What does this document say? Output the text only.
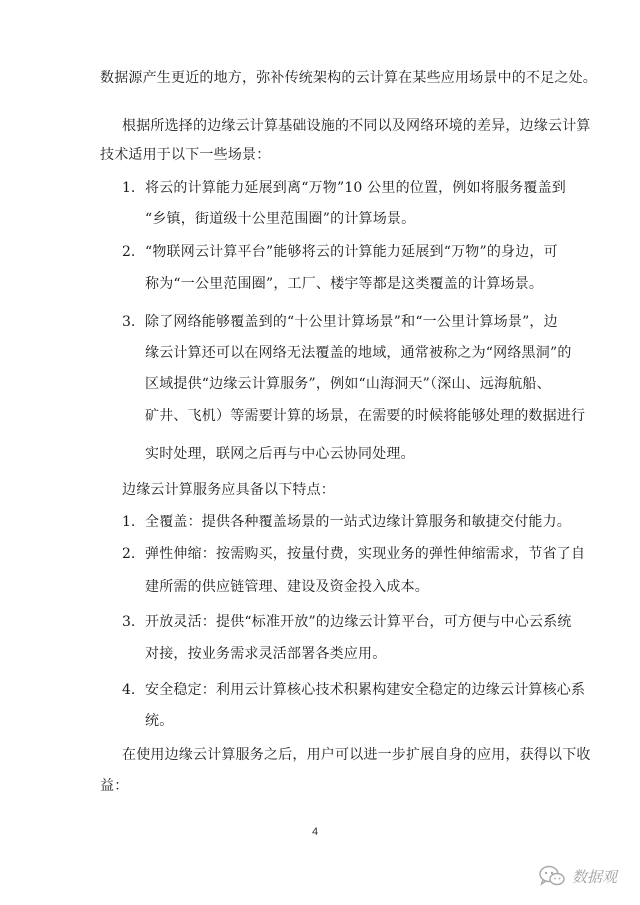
数据源产生更近的地方，弥补传统架构的云计算在某些应用场景中的不足之处。
根据所选择的边缘云计算基础设施的不同以及网络环境的差异，边缘云计算
技术适用于以下一些场景：
1. 将云的计算能力延展到离“万物”10 公里的位置，例如将服务覆盖到
“乡镇，街道级十公里范围圈”的计算场景。
2. “物联网云计算平台”能够将云的计算能力延展到“万物”的身边，可
称为“一公里范围圈”，工厂、楼宇等都是这类覆盖的计算场景。
3. 除了网络能够覆盖到的“十公里计算场景”和“一公里计算场景”，边
缘云计算还可以在网络无法覆盖的地域，通常被称之为“网络黑洞”的
区域提供“边缘云计算服务”，例如“山海洞天”（深山、远海航船、
矿井、飞机）等需要计算的场景，在需要的时候将能够处理的数据进行
实时处理，联网之后再与中心云协同处理。
边缘云计算服务应具备以下特点：
1. 全覆盖：提供各种覆盖场景的一站式边缘计算服务和敏捷交付能力。
2. 弹性伸缩：按需购买，按量付费，实现业务的弹性伸缩需求，节省了自
建所需的供应链管理、建设及资金投入成本。
3. 开放灵活：提供“标准开放”的边缘云计算平台，可方便与中心云系统
对接，按业务需求灵活部署各类应用。
4. 安全稳定：利用云计算核心技术积累构建安全稳定的边缘云计算核心系
统。
在使用边缘云计算服务之后，用户可以进一步扩展自身的应用，获得以下收
益：
4
数据观
